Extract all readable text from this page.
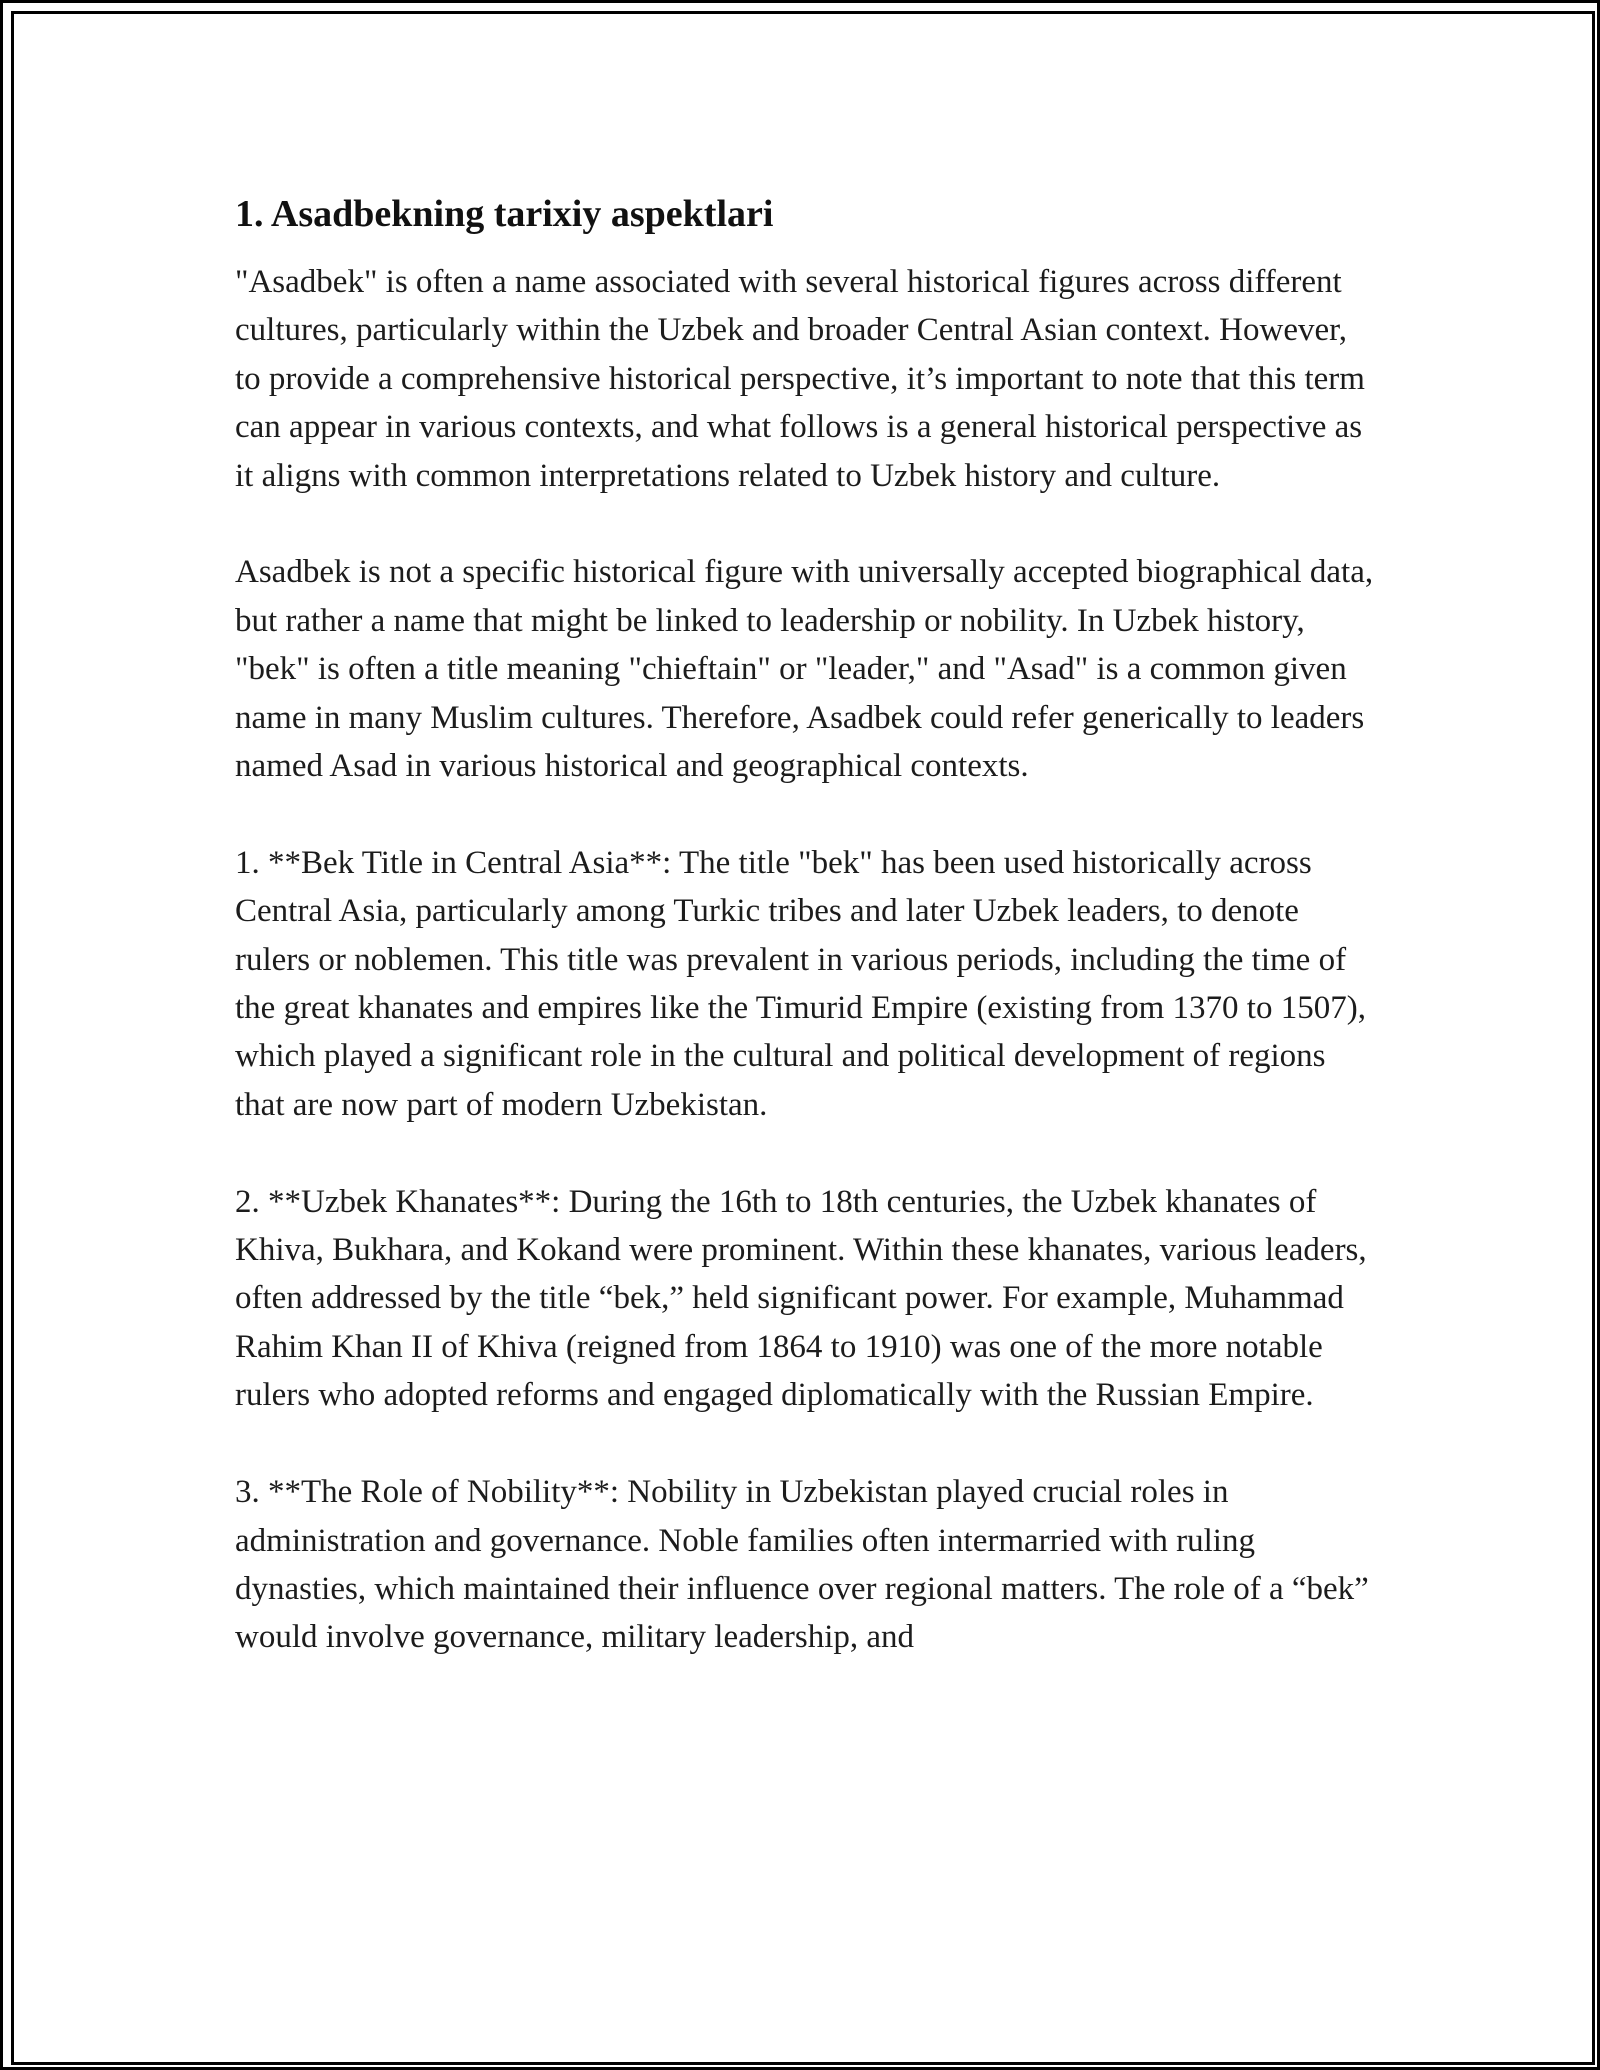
1. Asadbekning tarixiy aspektlari

"Asadbek" is often a name associated with several historical figures across different cultures, particularly within the Uzbek and broader Central Asian context. However, to provide a comprehensive historical perspective, it’s important to note that this term can appear in various contexts, and what follows is a general historical perspective as it aligns with common interpretations related to Uzbek history and culture.

Asadbek is not a specific historical figure with universally accepted biographical data, but rather a name that might be linked to leadership or nobility. In Uzbek history, "bek" is often a title meaning "chieftain" or "leader," and "Asad" is a common given name in many Muslim cultures. Therefore, Asadbek could refer generically to leaders named Asad in various historical and geographical contexts.

1. **Bek Title in Central Asia**: The title "bek" has been used historically across Central Asia, particularly among Turkic tribes and later Uzbek leaders, to denote rulers or noblemen. This title was prevalent in various periods, including the time of the great khanates and empires like the Timurid Empire (existing from 1370 to 1507), which played a significant role in the cultural and political development of regions that are now part of modern Uzbekistan.

2. **Uzbek Khanates**: During the 16th to 18th centuries, the Uzbek khanates of Khiva, Bukhara, and Kokand were prominent. Within these khanates, various leaders, often addressed by the title “bek,” held significant power. For example, Muhammad Rahim Khan II of Khiva (reigned from 1864 to 1910) was one of the more notable rulers who adopted reforms and engaged diplomatically with the Russian Empire.

3. **The Role of Nobility**: Nobility in Uzbekistan played crucial roles in administration and governance. Noble families often intermarried with ruling dynasties, which maintained their influence over regional matters. The role of a “bek” would involve governance, military leadership, and
